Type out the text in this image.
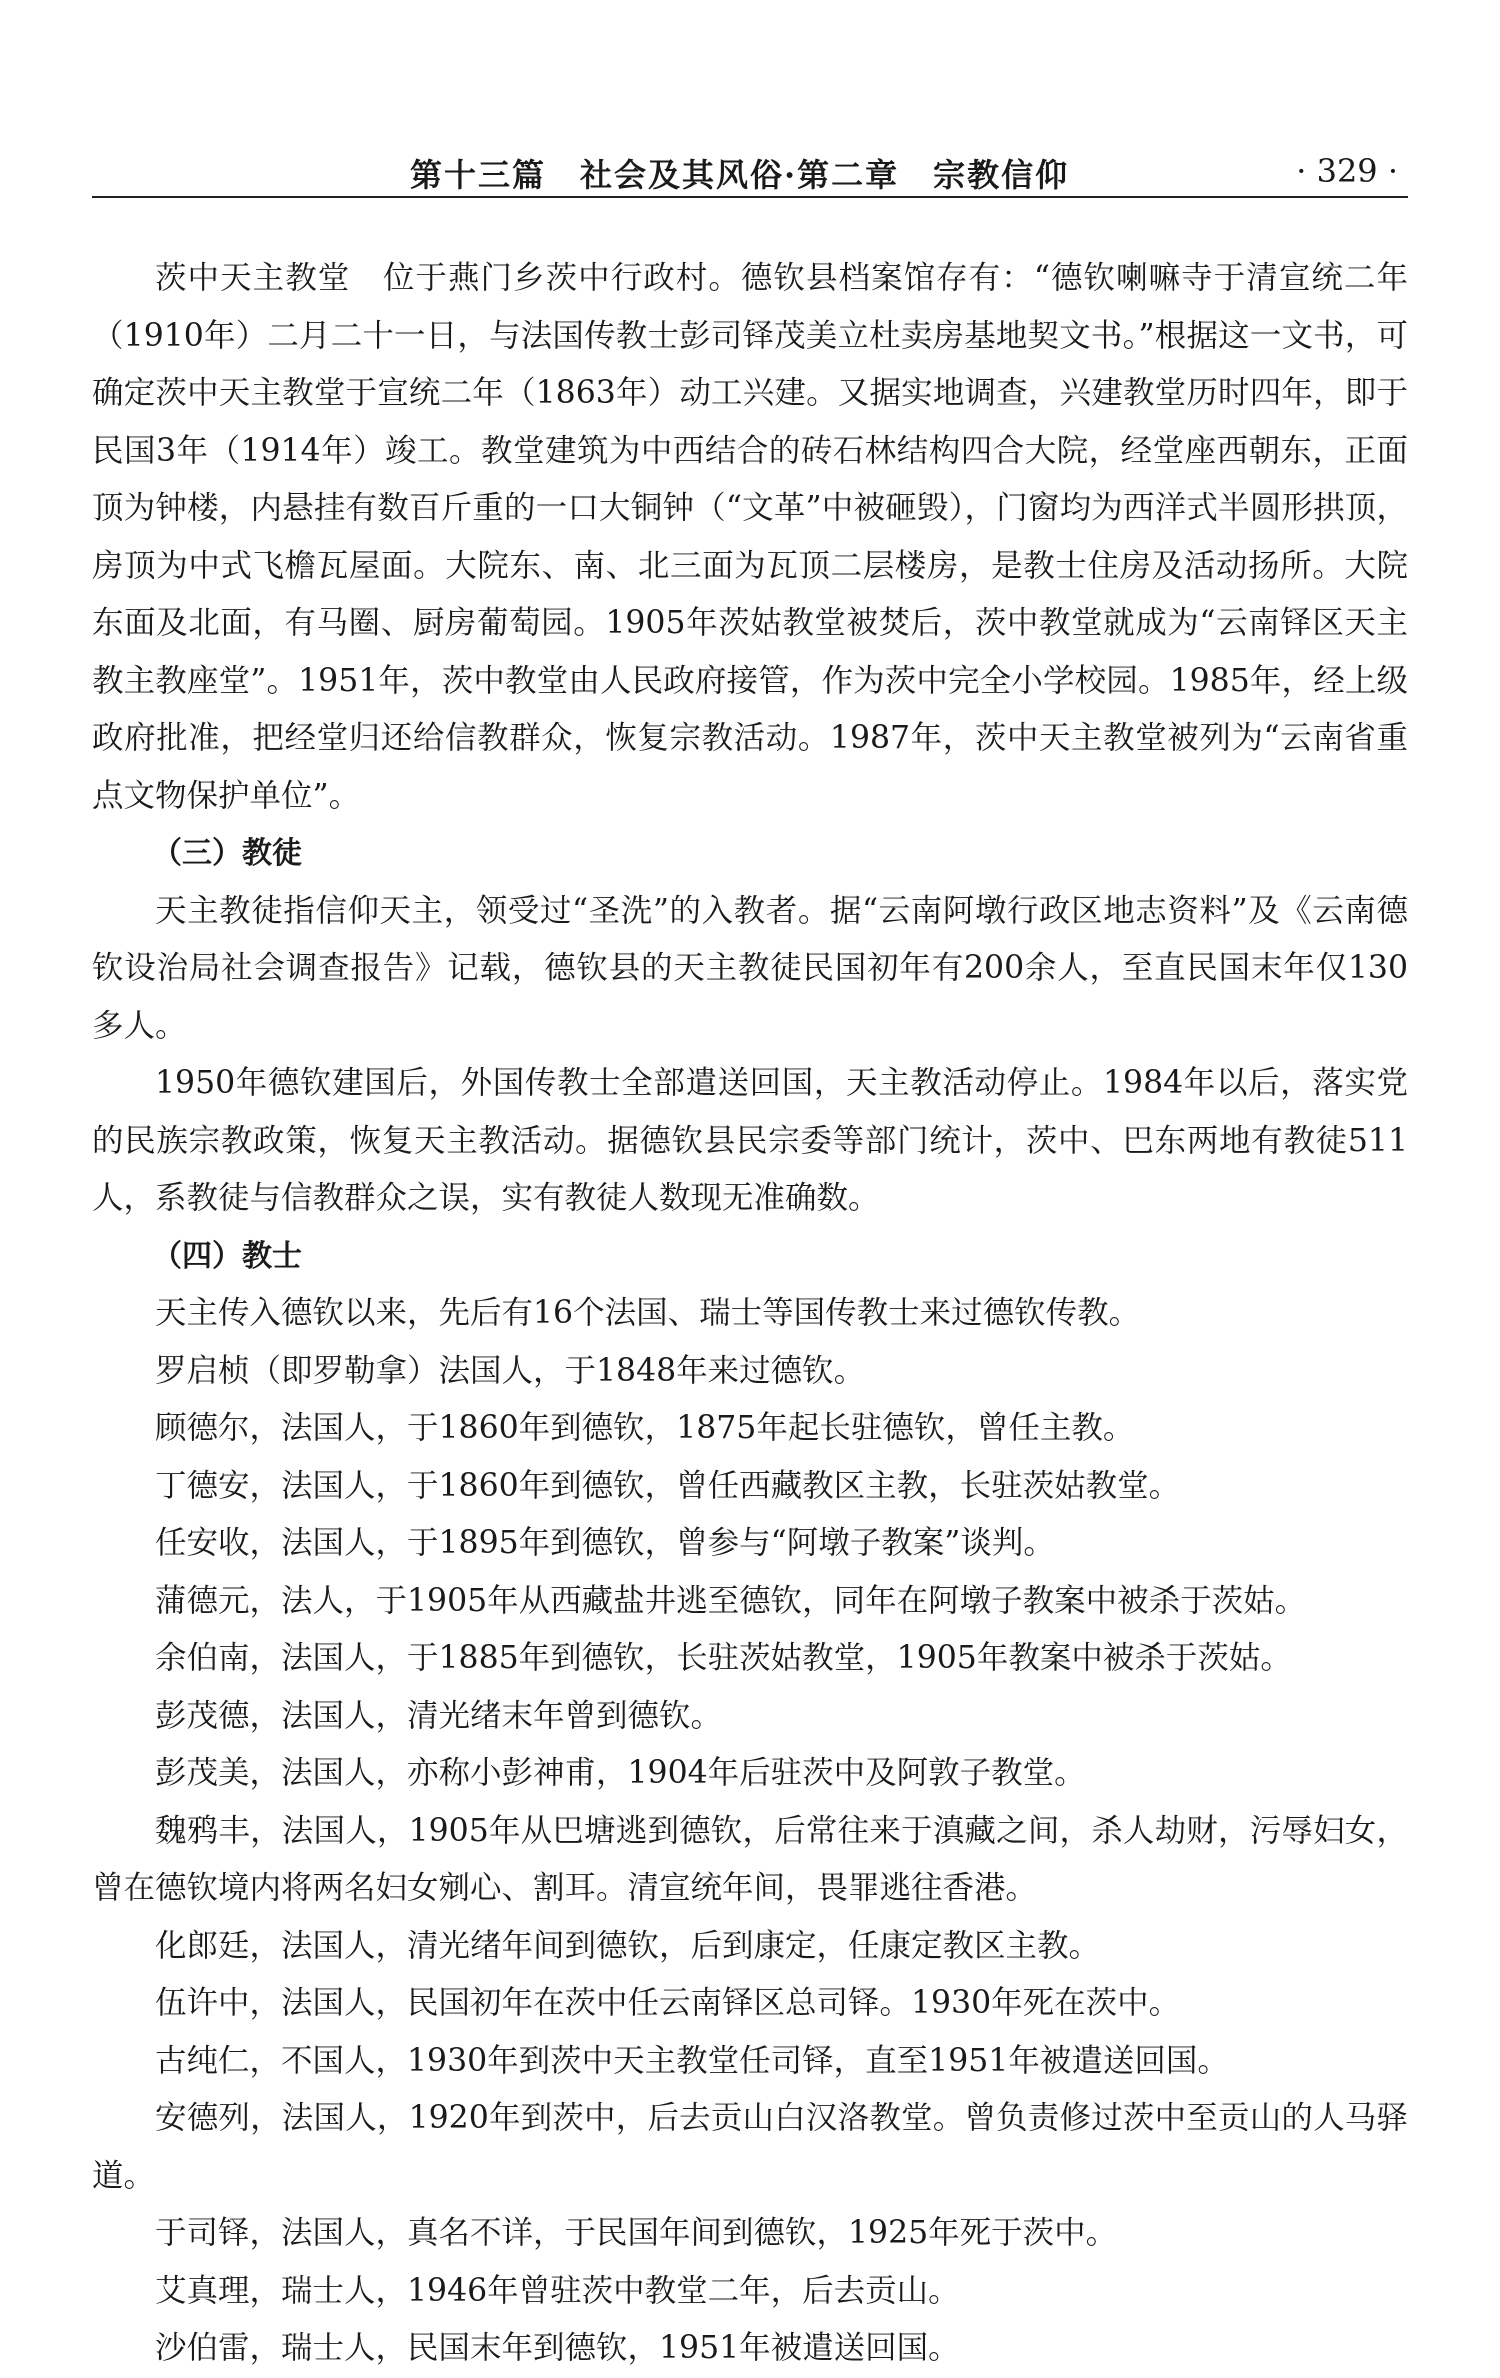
第十三篇　社会及其风俗·第二章　宗教信仰	· 329 ·

茨中天主教堂　位于燕门乡茨中行政村。德钦县档案馆存有：“德钦喇嘛寺于清宣统二年（1910年）二月二十一日，与法国传教士彭司铎茂美立杜卖房基地契文书。”根据这一文书，可确定茨中天主教堂于宣统二年（1863年）动工兴建。又据实地调查，兴建教堂历时四年，即于民国3年（1914年）竣工。教堂建筑为中西结合的砖石林结构四合大院，经堂座西朝东，正面顶为钟楼，内悬挂有数百斤重的一口大铜钟（“文革”中被砸毁），门窗均为西洋式半圆形拱顶，房顶为中式飞檐瓦屋面。大院东、南、北三面为瓦顶二层楼房，是教士住房及活动扬所。大院东面及北面，有马圈、厨房葡萄园。1905年茨姑教堂被焚后，茨中教堂就成为“云南铎区天主教主教座堂”。1951年，茨中教堂由人民政府接管，作为茨中完全小学校园。1985年，经上级政府批准，把经堂归还给信教群众，恢复宗教活动。1987年，茨中天主教堂被列为“云南省重点文物保护单位”。

（三）教徒

天主教徒指信仰天主，领受过“圣洗”的入教者。据“云南阿墩行政区地志资料”及《云南德钦设治局社会调查报告》记载，德钦县的天主教徒民国初年有200余人，至直民国末年仅130多人。

1950年德钦建国后，外国传教士全部遣送回国，天主教活动停止。1984年以后，落实党的民族宗教政策，恢复天主教活动。据德钦县民宗委等部门统计，茨中、巴东两地有教徒511人，系教徒与信教群众之误，实有教徒人数现无准确数。

（四）教士

天主传入德钦以来，先后有16个法国、瑞士等国传教士来过德钦传教。

罗启桢（即罗勒拿）法国人，于1848年来过德钦。

顾德尔，法国人，于1860年到德钦，1875年起长驻德钦，曾任主教。

丁德安，法国人，于1860年到德钦，曾任西藏教区主教，长驻茨姑教堂。

任安收，法国人，于1895年到德钦，曾参与“阿墩子教案”谈判。

蒲德元，法人，于1905年从西藏盐井逃至德钦，同年在阿墩子教案中被杀于茨姑。

余伯南，法国人，于1885年到德钦，长驻茨姑教堂，1905年教案中被杀于茨姑。

彭茂德，法国人，清光绪末年曾到德钦。

彭茂美，法国人，亦称小彭神甫，1904年后驻茨中及阿敦子教堂。

魏鸦丰，法国人，1905年从巴塘逃到德钦，后常往来于滇藏之间，杀人劫财，污辱妇女，曾在德钦境内将两名妇女剜心、割耳。清宣统年间，畏罪逃往香港。

化郎廷，法国人，清光绪年间到德钦，后到康定，任康定教区主教。

伍许中，法国人，民国初年在茨中任云南铎区总司铎。1930年死在茨中。

古纯仁，不国人，1930年到茨中天主教堂任司铎，直至1951年被遣送回国。

安德列，法国人，1920年到茨中，后去贡山白汉洛教堂。曾负责修过茨中至贡山的人马驿道。

于司铎，法国人，真名不详，于民国年间到德钦，1925年死于茨中。

艾真理，瑞士人，1946年曾驻茨中教堂二年，后去贡山。

沙伯雷，瑞士人，民国末年到德钦，1951年被遣送回国。
